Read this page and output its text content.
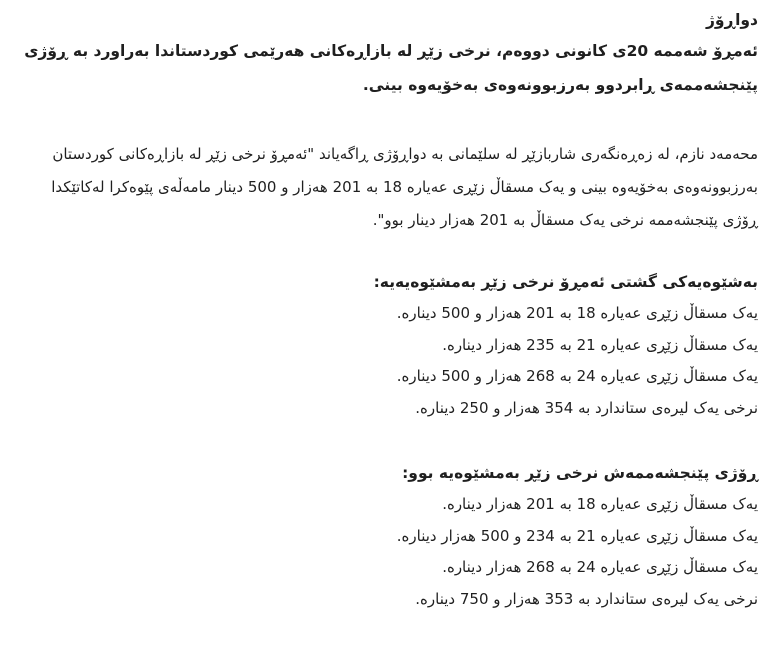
دواڕۆژ

ئەمڕۆ شەممە 20ی کانونی دووەم، نرخی زێڕ لە بازاڕەکانی هەرێمی کوردستاندا بەراورد بە ڕۆژی پێنجشەممەی ڕابردوو بەرزبوونەوەی بەخۆیەوە بینی.

محەمەد نازم، لە زەڕەنگەری شاربازێڕ لە سلێمانی بە دواڕۆژی ڕاگەیاند "ئەمڕۆ نرخی زێڕ لە بازاڕەکانی کوردستان بەرزبوونەوەی بەخۆیەوە بینی و یەک مسقاڵ زێڕی عەیارە 18 بە 201 هەزار و 500 دینار مامەڵەی پێوەکرا لەکاتێکدا ڕۆژی پێنجشەممە نرخی یەک مسقاڵ بە 201 هەزار دینار بوو".

بەشێوەیەکی گشتی ئەمڕۆ نرخی زێڕ بەمشێوەیەیە:

یەک مسقاڵ زێڕی عەیارە 18 بە 201 هەزار و 500 دینارە.
یەک مسقاڵ زێڕی عەیارە 21 بە 235 هەزار دینارە.
یەک مسقاڵ زێڕی عەیارە 24 بە 268 هەزار و 500 دینارە.
نرخی یەک لیرەی ستاندارد بە 354 هەزار و 250 دینارە.

ڕۆژی پێنجشەممەش نرخی زێڕ بەمشێوەیە بوو:

یەک مسقاڵ زێڕی عەیارە 18 بە 201 هەزار دینارە.
یەک مسقاڵ زێڕی عەیارە 21 بە 234 و 500 هەزار دینارە.
یەک مسقاڵ زێڕی عەیارە 24 بە 268 هەزار دینارە.
نرخی یەک لیرەی ستاندارد بە 353 هەزار و 750 دینارە.
